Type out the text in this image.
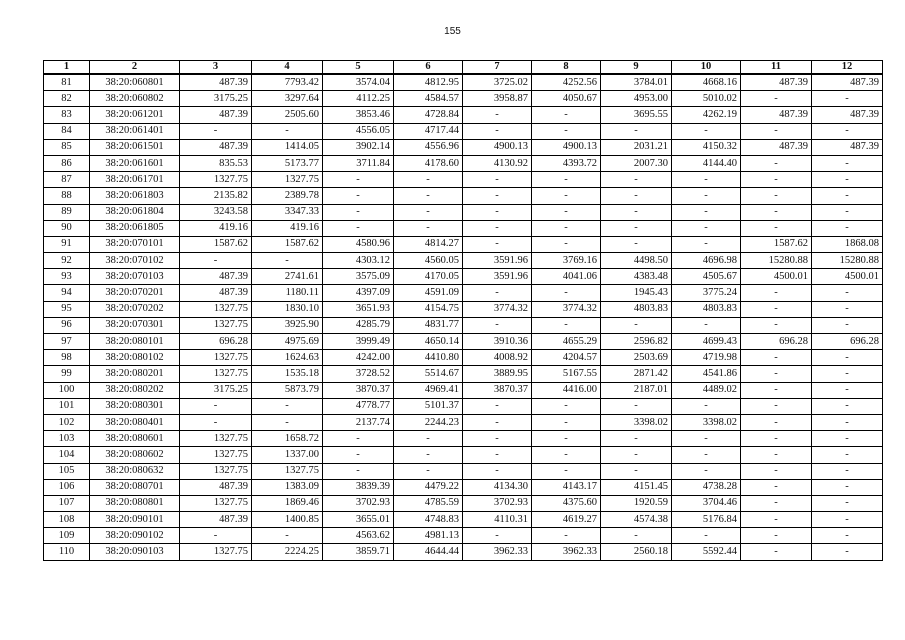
155
1	2	3	4	5	6	7	8	9	10	11	12
81	38:20:060801	487.39	7793.42	3574.04	4812.95	3725.02	4252.56	3784.01	4668.16	487.39	487.39
82	38:20:060802	3175.25	3297.64	4112.25	4584.57	3958.87	4050.67	4953.00	5010.02	-	-
83	38:20:061201	487.39	2505.60	3853.46	4728.84	-	-	3695.55	4262.19	487.39	487.39
84	38:20:061401	-	-	4556.05	4717.44	-	-	-	-	-	-
85	38:20:061501	487.39	1414.05	3902.14	4556.96	4900.13	4900.13	2031.21	4150.32	487.39	487.39
86	38:20:061601	835.53	5173.77	3711.84	4178.60	4130.92	4393.72	2007.30	4144.40	-	-
87	38:20:061701	1327.75	1327.75	-	-	-	-	-	-	-	-
88	38:20:061803	2135.82	2389.78	-	-	-	-	-	-	-	-
89	38:20:061804	3243.58	3347.33	-	-	-	-	-	-	-	-
90	38:20:061805	419.16	419.16	-	-	-	-	-	-	-	-
91	38:20:070101	1587.62	1587.62	4580.96	4814.27	-	-	-	-	1587.62	1868.08
92	38:20:070102	-	-	4303.12	4560.05	3591.96	3769.16	4498.50	4696.98	15280.88	15280.88
93	38:20:070103	487.39	2741.61	3575.09	4170.05	3591.96	4041.06	4383.48	4505.67	4500.01	4500.01
94	38:20:070201	487.39	1180.11	4397.09	4591.09	-	-	1945.43	3775.24	-	-
95	38:20:070202	1327.75	1830.10	3651.93	4154.75	3774.32	3774.32	4803.83	4803.83	-	-
96	38:20:070301	1327.75	3925.90	4285.79	4831.77	-	-	-	-	-	-
97	38:20:080101	696.28	4975.69	3999.49	4650.14	3910.36	4655.29	2596.82	4699.43	696.28	696.28
98	38:20:080102	1327.75	1624.63	4242.00	4410.80	4008.92	4204.57	2503.69	4719.98	-	-
99	38:20:080201	1327.75	1535.18	3728.52	5514.67	3889.95	5167.55	2871.42	4541.86	-	-
100	38:20:080202	3175.25	5873.79	3870.37	4969.41	3870.37	4416.00	2187.01	4489.02	-	-
101	38:20:080301	-	-	4778.77	5101.37	-	-	-	-	-	-
102	38:20:080401	-	-	2137.74	2244.23	-	-	3398.02	3398.02	-	-
103	38:20:080601	1327.75	1658.72	-	-	-	-	-	-	-	-
104	38:20:080602	1327.75	1337.00	-	-	-	-	-	-	-	-
105	38:20:080632	1327.75	1327.75	-	-	-	-	-	-	-	-
106	38:20:080701	487.39	1383.09	3839.39	4479.22	4134.30	4143.17	4151.45	4738.28	-	-
107	38:20:080801	1327.75	1869.46	3702.93	4785.59	3702.93	4375.60	1920.59	3704.46	-	-
108	38:20:090101	487.39	1400.85	3655.01	4748.83	4110.31	4619.27	4574.38	5176.84	-	-
109	38:20:090102	-	-	4563.62	4981.13	-	-	-	-	-	-
110	38:20:090103	1327.75	2224.25	3859.71	4644.44	3962.33	3962.33	2560.18	5592.44	-	-
